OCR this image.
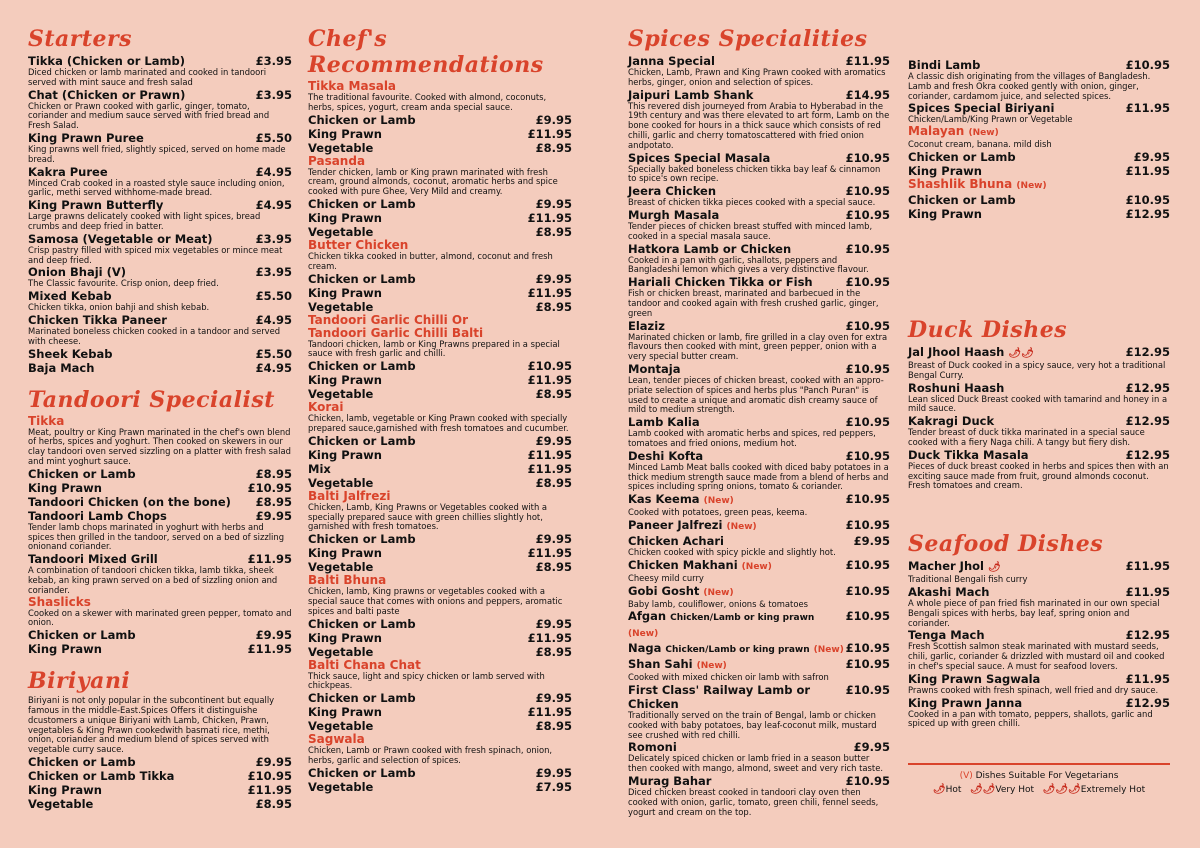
Starters
Tikka (Chicken or Lamb)	£3.95
Diced chicken or lamb marinated and cooked in tandoori served with mint sauce and fresh salad
Chat (Chicken or Prawn)	£3.95
Chicken or Prawn cooked with garlic, ginger, tomato, coriander and medium sauce served with fried bread and Fresh Salad.
King Prawn Puree	£5.50
King prawns well fried, slightly spiced, served on home made bread.
Kakra Puree	£4.95
Minced Crab cooked in a roasted style sauce including onion, garlic, methi served withhome-made bread.
King Prawn Butterfly	£4.95
Large prawns delicately cooked with light spices, bread crumbs and deep fried in batter.
Samosa (Vegetable or Meat)	£3.95
Crisp pastry filled with spiced mix vegetables or mince meat and deep fried.
Onion Bhaji (V)	£3.95
The Classic favourite. Crisp onion, deep fried.
Mixed Kebab	£5.50
Chicken tikka, onion bahji and shish kebab.
Chicken Tikka Paneer	£4.95
Marinated boneless chicken cooked in a tandoor and served with cheese.
Sheek Kebab	£5.50
Baja Mach	£4.95
Tandoori Specialist
Tikka
Meat, poultry or King Prawn marinated in the chef's own blend of herbs, spices and yoghurt. Then cooked on skewers in our clay tandoori oven served sizzling on a platter with fresh salad and mint yoghurt sauce.
Chicken or Lamb	£8.95
King Prawn	£10.95
Tandoori Chicken (on the bone) £8.95
Tandoori Lamb Chops	£9.95
Tender lamb chops marinated in yoghurt with herbs and spices then grilled in the tandoor, served on a bed of sizzling onionand coriander.
Tandoori Mixed Grill	£11.95
A combination of tandoori chicken tikka, lamb tikka, sheek kebab, an king prawn served on a bed of sizzling onion and coriander.
Shaslicks
Cooked on a skewer with marinated green pepper, tomato and onion.
Chicken or Lamb	£9.95
King Prawn	£11.95
Biriyani
Biriyani is not only popular in the subcontinent but equally famous in the middle-East.Spices Offers it distinguishe dcustomers a unique Biriyani with Lamb, Chicken, Prawn, vegetables & King Prawn cookedwith basmati rice, methi, onion, coriander and medium blend of spices served with vegetable curry sauce.
Chicken or Lamb	£9.95
Chicken or Lamb Tikka	£10.95
King Prawn	£11.95
Vegetable	£8.95
Chef's Recommendations
Tikka Masala
The traditional favourite. Cooked with almond, coconuts, herbs, spices, yogurt, cream anda special sauce.
Chicken or Lamb	£9.95
King Prawn	£11.95
Vegetable	£8.95
Pasanda
Tender chicken, lamb or King prawn marinated with fresh cream, ground almonds, coconut, aromatic herbs and spice cooked with pure Ghee, Very Mild and creamy.
Chicken or Lamb	£9.95
King Prawn	£11.95
Vegetable	£8.95
Butter Chicken
Chicken tikka cooked in butter, almond, coconut and fresh cream.
Chicken or Lamb	£9.95
King Prawn	£11.95
Vegetable	£8.95
Tandoori Garlic Chilli Or
Tandoori Garlic Chilli Balti
Tandoori chicken, lamb or King Prawns prepared in a special sauce with fresh garlic and chilli.
Chicken or Lamb	£10.95
King Prawn	£11.95
Vegetable	£8.95
Korai
Chicken, lamb, vegetable or King Prawn cooked with specially prepared sauce,garnished with fresh tomatoes and cucumber.
Chicken or Lamb	£9.95
King Prawn	£11.95
Mix	£11.95
Vegetable	£8.95
Balti Jalfrezi
Chicken, Lamb, King Prawns or Vegetables cooked with a specially prepared sauce with green chillies slightly hot, garnished with fresh tomatoes.
Chicken or Lamb	£9.95
King Prawn	£11.95
Vegetable	£8.95
Balti Bhuna
Chicken, lamb, King prawns or vegetables cooked with a special sauce that comes with onions and peppers, aromatic spices and balti paste
Chicken or Lamb	£9.95
King Prawn	£11.95
Vegetable	£8.95
Balti Chana Chat
Thick sauce, light and spicy chicken or lamb served with chickpeas.
Chicken or Lamb	£9.95
King Prawn	£11.95
Vegetable	£8.95
Sagwala
Chicken, Lamb or Prawn cooked with fresh spinach, onion, herbs, garlic and selection of spices.
Chicken or Lamb	£9.95
Vegetable	£7.95
Spices Specialities
Janna Special	£11.95
Chicken, Lamb, Prawn and King Prawn cooked with aromatics herbs, ginger, onion and selection of spices.
Jaipuri Lamb Shank	£14.95
This revered dish journeyed from Arabia to Hyberabad in the 19th century and was there elevated to art form, Lamb on the bone cooked for hours in a thick sauce which consists of red chilli, garlic and cherry tomatoscattered with fried onion andpotato.
Spices Special Masala	£10.95
Specially baked boneless chicken tikka bay leaf & cinnamon to spice's own recipe.
Jeera Chicken	£10.95
Breast of chicken tikka pieces cooked with a special sauce.
Murgh Masala	£10.95
Tender pieces of chicken breast stuffed with minced lamb, cooked in a special masala sauce.
Hatkora Lamb or Chicken	£10.95
Cooked in a pan with garlic, shallots, peppers and Bangladeshi lemon which gives a very distinctive flavour.
Hariali Chicken Tikka or Fish	£10.95
Fish or chicken breast, marinated and barbecued in the tandoor and cooked again with fresh crushed garlic, ginger, green
Elaziz	£10.95
Marinated chicken or lamb, fire grilled in a clay oven for extra flavours then cooked with mint, green pepper, onion with a very special butter cream.
Montaja	£10.95
Lean, tender pieces of chicken breast, cooked with an appro- priate selection of spices and herbs plus "Panch Puran" is used to create a unique and aromatic dish creamy sauce of mild to medium strength.
Lamb Kalia	£10.95
Lamb cooked with aromatic herbs and spices, red peppers, tomatoes and fried onions, medium hot.
Deshi Kofta	£10.95
Minced Lamb Meat balls cooked with diced baby potatoes in a thick medium strength sauce made from a blend of herbs and spices including spring onions, tomato & coriander.
Kas Keema (New)	£10.95
Cooked with potatoes, green peas, keema.
Paneer Jalfrezi (New)	£10.95
Chicken Achari	£9.95
Chicken cooked with spicy pickle and slightly hot.
Chicken Makhani (New)	£10.95
Cheesy mild curry
Gobi Gosht (New)	£10.95
Baby lamb, couliflower, onions & tomatoes
Afgan Chicken/Lamb or king prawn (New)
£10.95
Naga Chicken/Lamb or king prawn (New) £10.95
Shan Sahi (New)	£10.95
Cooked with mixed chicken oir lamb with safron
First Class' Railway Lamb or Chicken
£10.95
Traditionally served on the train of Bengal, lamb or chicken cooked with baby potatoes, bay leaf-coconut milk, mustard see crushed with red chilli.
Romoni	£9.95
Delicately spiced chicken or lamb fried in a season butter then cooked with mango, almond, sweet and very rich taste.
Murag Bahar	£10.95
Diced chicken breast cooked in tandoori clay oven then cooked with onion, garlic, tomato, green chili, fennel seeds, yogurt and cream on the top.
Bindi Lamb	£10.95
A classic dish originating from the villages of Bangladesh. Lamb and fresh Okra cooked gently with onion, ginger, coriander, cardamom juice, and selected spices.
Spices Special Biriyani	£11.95
Chicken/Lamb/King Prawn or Vegetable
Malayan (New)
Coconut cream, banana. mild dish
Chicken or Lamb	£9.95
King Prawn	£11.95
Shashlik Bhuna (New)
Chicken or Lamb	£10.95
King Prawn	£12.95
Duck Dishes
Jal Jhool Haash 🌶🌶	£12.95
Breast of Duck cooked in a spicy sauce, very hot a traditional Bengal Curry.
Roshuni Haash	£12.95
Lean sliced Duck Breast cooked with tamarind and honey in a mild sauce.
Kakragi Duck	£12.95
Tender breast of duck tikka marinated in a special sauce cooked with a fiery Naga chili. A tangy but fiery dish.
Duck Tikka Masala	£12.95
Pieces of duck breast cooked in herbs and spices then with an exciting sauce made from fruit, ground almonds coconut. Fresh tomatoes and cream.
Seafood Dishes
Macher Jhol 🌶	£11.95
Traditional Bengali fish curry
Akashi Mach	£11.95
A whole piece of pan fried fish marinated in our own special Bengali spices with herbs, bay leaf, spring onion and coriander.
Tenga Mach	£12.95
Fresh Scottish salmon steak marinated with mustard seeds, chili, garlic, coriander & drizzled with mustard oil and cooked in chef's special sauce. A must for seafood lovers.
King Prawn Sagwala	£11.95
Prawns cooked with fresh spinach, well fried and dry sauce.
King Prawn Janna	£12.95
Cooked in a pan with tomato, peppers, shallots, garlic and spiced up with green chilli.
(V) Dishes Suitable For Vegetarians
🌶Hot 🌶🌶Very Hot 🌶🌶🌶Extremely Hot
